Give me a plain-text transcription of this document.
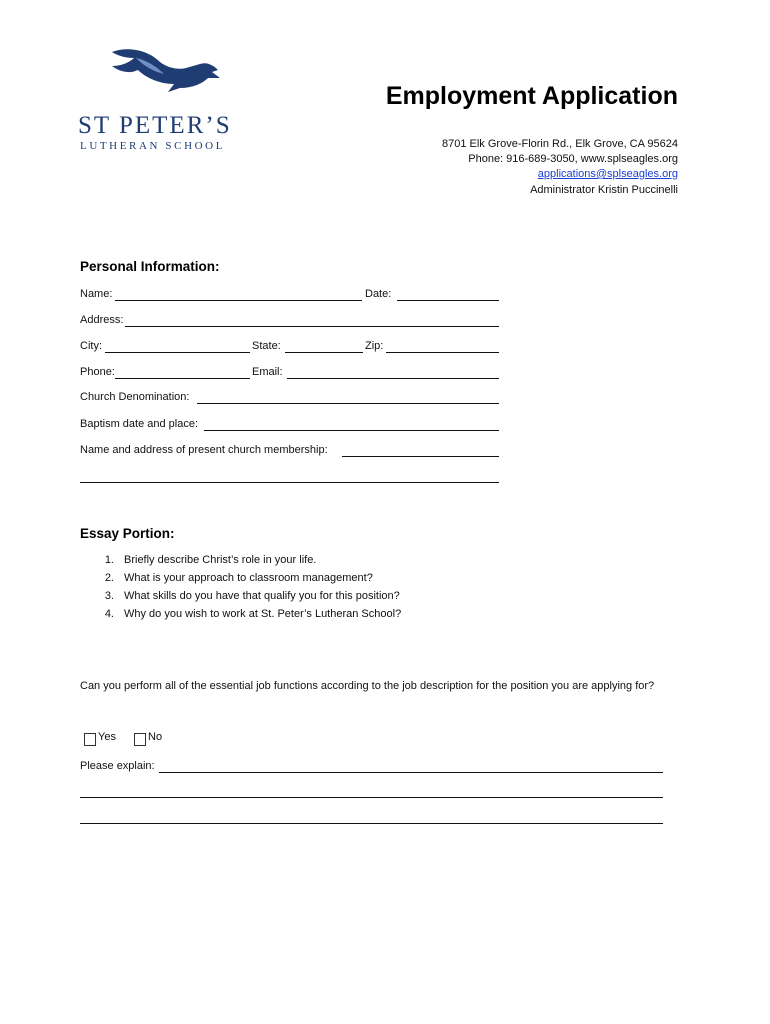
ST PETER’S
LUTHERAN SCHOOL
Employment Application
8701 Elk Grove-Florin Rd., Elk Grove, CA 95624
Phone: 916-689-3050, www.splseagles.org
applications@splseagles.org
Administrator Kristin Puccinelli
Personal Information:
Name:	Date:
Address:
City:	State:	Zip:
Phone:	Email:
Church Denomination:
Baptism date and place:
Name and address of present church membership:
Essay Portion:
1. Briefly describe Christ’s role in your life.
2. What is your approach to classroom management?
3. What skills do you have that qualify you for this position?
4. Why do you wish to work at St. Peter’s Lutheran School?
Can you perform all of the essential job functions according to the job description for the position you are applying for?
Yes	No
Please explain:
